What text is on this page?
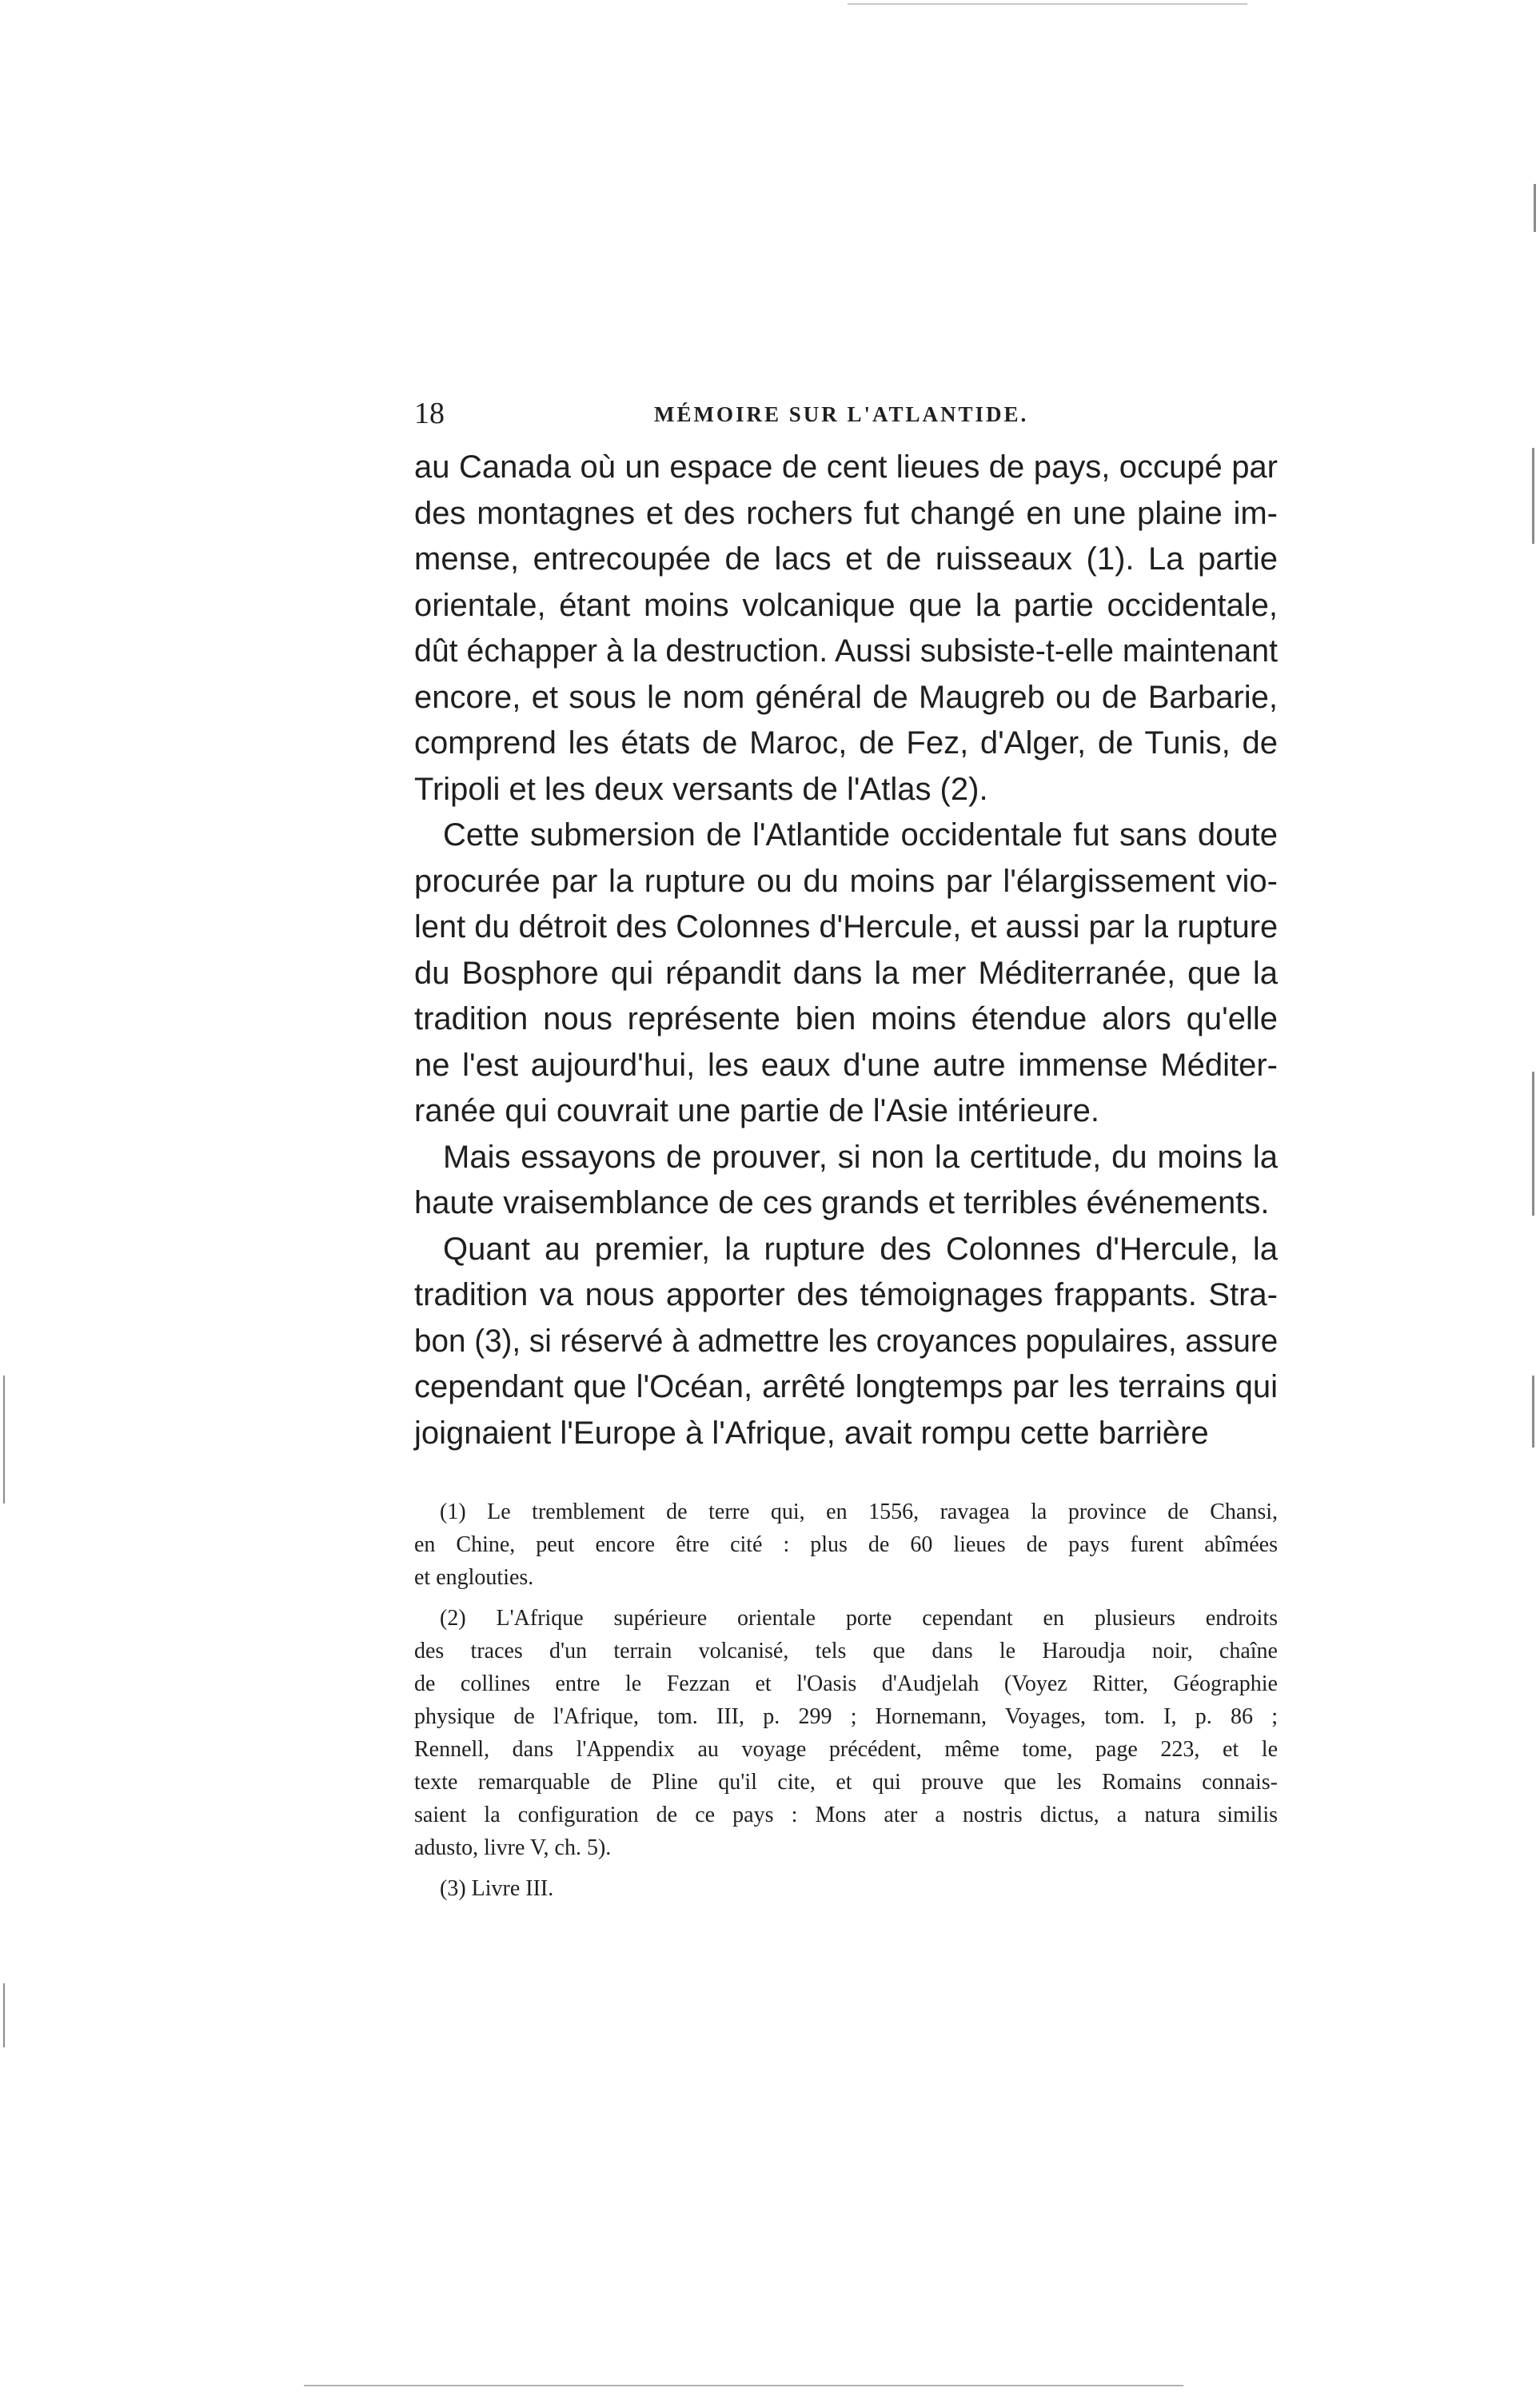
18	MÉMOIRE SUR L'ATLANTIDE.
au Canada où un espace de cent lieues de pays, occupé par
des montagnes et des rochers fut changé en une plaine im-
mense, entrecoupée de lacs et de ruisseaux (1). La partie
orientale, étant moins volcanique que la partie occidentale,
dût échapper à la destruction. Aussi subsiste-t-elle maintenant
encore, et sous le nom général de Maugreb ou de Barbarie,
comprend les états de Maroc, de Fez, d'Alger, de Tunis, de
Tripoli et les deux versants de l'Atlas (2).
Cette submersion de l'Atlantide occidentale fut sans doute
procurée par la rupture ou du moins par l'élargissement vio-
lent du détroit des Colonnes d'Hercule, et aussi par la rupture
du Bosphore qui répandit dans la mer Méditerranée, que la
tradition nous représente bien moins étendue alors qu'elle
ne l'est aujourd'hui, les eaux d'une autre immense Méditer-
ranée qui couvrait une partie de l'Asie intérieure.
Mais essayons de prouver, si non la certitude, du moins la
haute vraisemblance de ces grands et terribles événements.
Quant au premier, la rupture des Colonnes d'Hercule, la
tradition va nous apporter des témoignages frappants. Stra-
bon (3), si réservé à admettre les croyances populaires, assure
cependant que l'Océan, arrêté longtemps par les terrains qui
joignaient l'Europe à l'Afrique, avait rompu cette barrière
(1) Le tremblement de terre qui, en 1556, ravagea la province de Chansi,
en Chine, peut encore être cité : plus de 60 lieues de pays furent abîmées
et englouties.
(2) L'Afrique supérieure orientale porte cependant en plusieurs endroits
des traces d'un terrain volcanisé, tels que dans le Haroudja noir, chaîne
de collines entre le Fezzan et l'Oasis d'Audjelah (Voyez Ritter, Géographie
physique de l'Afrique, tom. III, p. 299 ; Hornemann, Voyages, tom. I, p. 86 ;
Rennell, dans l'Appendix au voyage précédent, même tome, page 223, et le
texte remarquable de Pline qu'il cite, et qui prouve que les Romains connais-
saient la configuration de ce pays : Mons ater a nostris dictus, a natura similis
adusto, livre V, ch. 5).
(3) Livre III.
